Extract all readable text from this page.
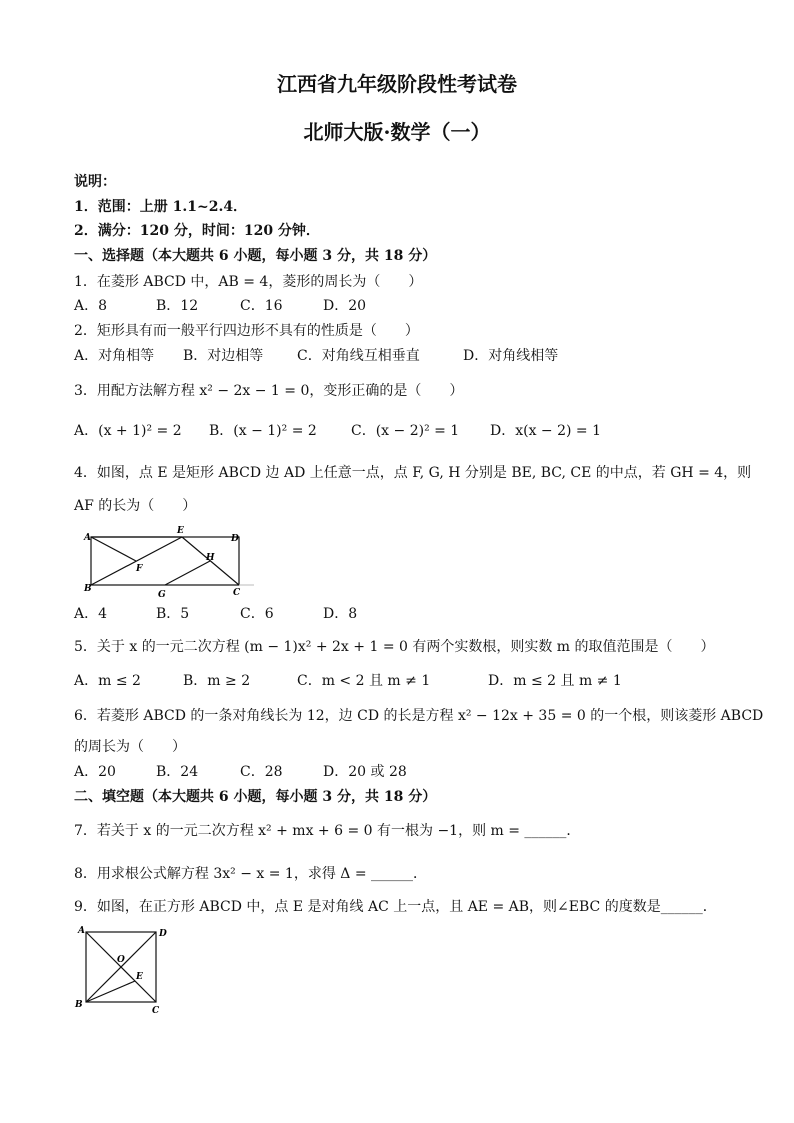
江西省九年级阶段性考试卷
北师大版·数学（一）
说明：
1．范围：上册 1.1~2.4．
2．满分：120 分，时间：120 分钟．
一、选择题（本大题共 6 小题，每小题 3 分，共 18 分）
1．在菱形 ABCD 中，AB = 4，菱形的周长为（　　）
A．8	B．12	C．16	D．20
2．矩形具有而一般平行四边形不具有的性质是（　　）
A．对角相等 B．对边相等 C．对角线互相垂直	D．对角线相等
3．用配方法解方程 x² − 2x − 1 = 0，变形正确的是（　　）
A．(x + 1)² = 2 B．(x − 1)² = 2 C．(x − 2)² = 1 D．x(x − 2) = 1
4．如图，点 E 是矩形 ABCD 边 AD 上任意一点，点 F, G, H 分别是 BE, BC, CE 的中点，若 GH = 4，则
AF 的长为（　　）
A
B	C
D
E
F
G
H
A．4	B．5	C．6	D．8
5．关于 x 的一元二次方程 (m − 1)x² + 2x + 1 = 0 有两个实数根，则实数 m 的取值范围是（　　）
A．m ≤ 2	B．m ≥ 2	C．m < 2 且 m ≠ 1	D．m ≤ 2 且 m ≠ 1
6．若菱形 ABCD 的一条对角线长为 12，边 CD 的长是方程 x² − 12x + 35 = 0 的一个根，则该菱形 ABCD
的周长为（　　）
A．20	B．24	C．28	D．20 或 28
二、填空题（本大题共 6 小题，每小题 3 分，共 18 分）
7．若关于 x 的一元二次方程 x² + mx + 6 = 0 有一根为 −1，则 m = ______．
8．用求根公式解方程 3x² − x = 1，求得 Δ = ______．
9．如图，在正方形 ABCD 中，点 E 是对角线 AC 上一点，且 AE = AB，则∠EBC 的度数是______．
A
B
C
D
O
E
